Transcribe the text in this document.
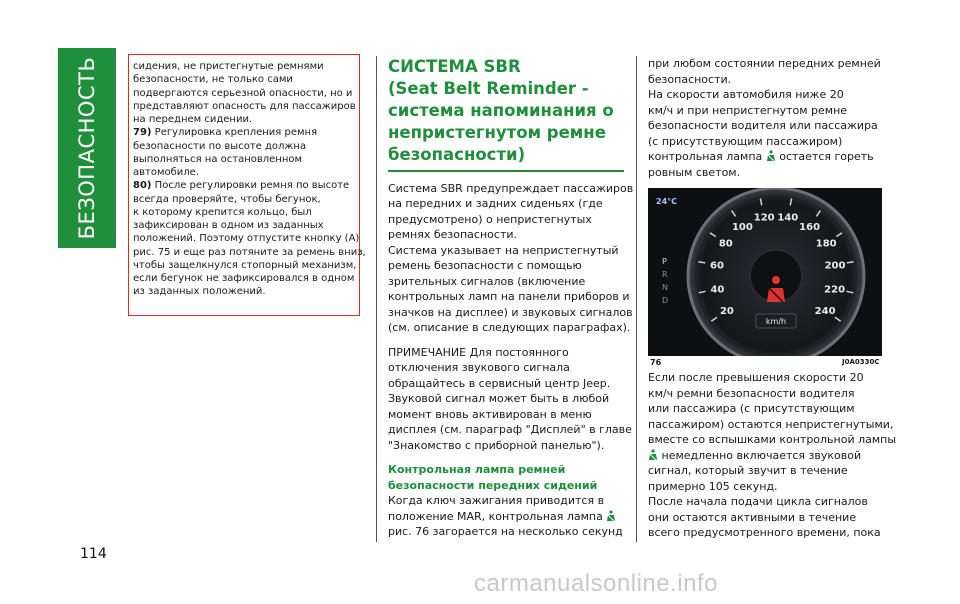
БЕЗОПАСНОСТЬ	сидения, не пристегнутые ремнями
безопасности, не только сами
подвергаются серьезной опасности, но и
представляют опасность для пассажиров
на переднем сидении.
79) Регулировка крепления ремня
безопасности по высоте должна
выполняться на остановленном
автомобиле.
80) После регулировки ремня по высоте
всегда проверяйте, чтобы бегунок,
к которому крепится кольцо, был
зафиксирован в одном из заданных
положений. Поэтому отпустите кнопку (А)
рис. 75 и еще раз потяните за ремень вниз,
чтобы защелкнулся стопорный механизм,
если бегунок не зафиксировался в одном
из заданных положений.
СИСТЕМА SBR
(Seat Belt Reminder -
система напоминания о
непристегнутом ремне
безопасности)
Система SBR предупреждает пассажиров
на передних и задних сиденьях (где
предусмотрено) о непристегнутых
ремнях безопасности.
Система указывает на непристегнутый
ремень безопасности с помощью
зрительных сигналов (включение
контрольных ламп на панели приборов и
значков на дисплее) и звуковых сигналов
(см. описание в следующих параграфах).
ПРИМЕЧАНИЕ Для постоянного
отключения звукового сигнала
обращайтесь в сервисный центр Jeep.
Звуковой сигнал может быть в любой
момент вновь активирован в меню
дисплея (см. параграф "Дисплей" в главе
"Знакомство с приборной панелью").
Контрольная лампа ремней
безопасности передних сидений
Когда ключ зажигания приводится в
положение MAR, контрольная лампа
рис. 76 загорается на несколько секунд
при любом состоянии передних ремней
безопасности.
На скорости автомобиля ниже 20
км/ч и при непристегнутом ремне
безопасности водителя или пассажира
(с присутствующим пассажиром)
контрольная лампа  остается гореть
ровным светом.
20
40
60
80
100
120 140
160
180
200
220
240
km/h
24°C
P
R
N
D
76	J0A0330C
Если после превышения скорости 20
км/ч ремни безопасности водителя
или пассажира (с присутствующим
пассажиром) остаются непристегнутыми,
вместе со вспышками контрольной лампы
немедленно включается звуковой
сигнал, который звучит в течение
примерно 105 секунд.
После начала подачи цикла сигналов
они остаются активными в течение
всего предусмотренного времени, пока
114
carmanualsonline.info
